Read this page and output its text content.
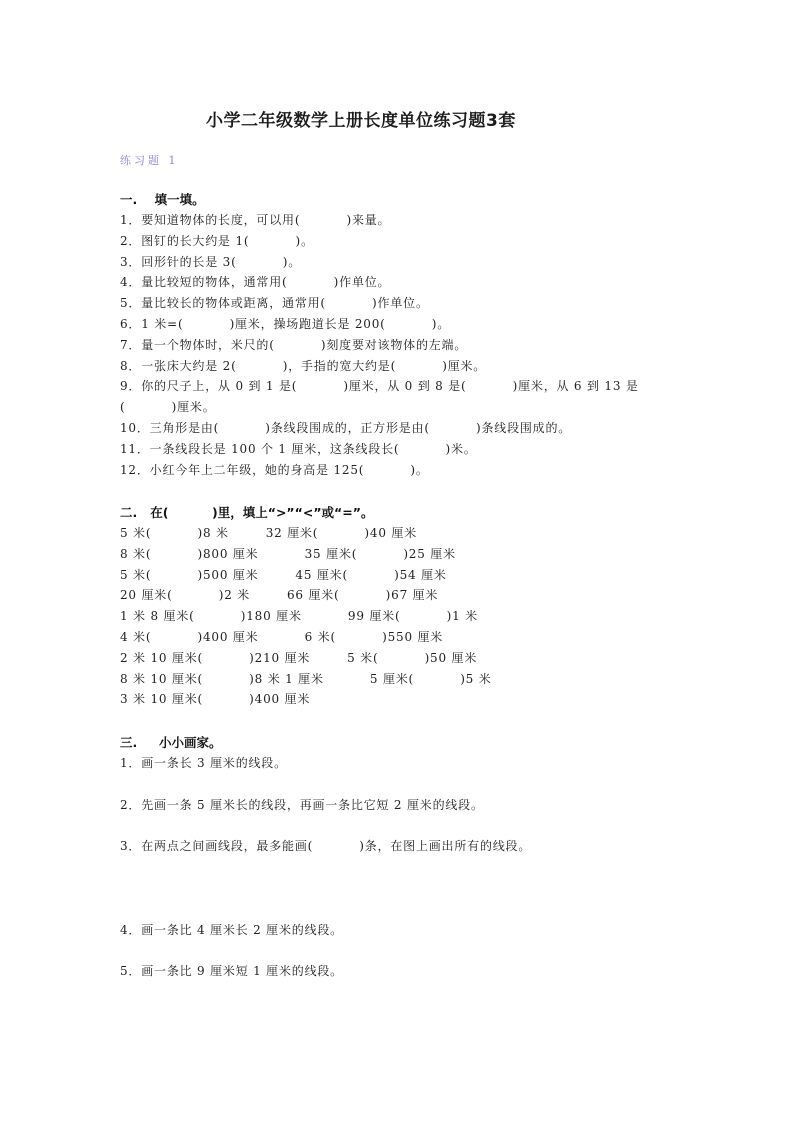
小学二年级数学上册长度单位练习题3套
练习题 1
一.    填一填。
1．要知道物体的长度，可以用(          )来量。
2．图钉的长大约是 1(          )。
3．回形针的长是 3(          )。
4．量比较短的物体，通常用(          )作单位。
5．量比较长的物体或距离，通常用(          )作单位。
6．1 米=(          )厘米，操场跑道长是 200(          )。
7．量一个物体时，米尺的(          )刻度要对该物体的左端。
8．一张床大约是 2(          )，手指的宽大约是(          )厘米。
9．你的尺子上，从 0 到 1 是(          )厘米，从 0 到 8 是(          )厘米，从 6 到 13 是
(          )厘米。
10．三角形是由(          )条线段围成的，正方形是由(          )条线段围成的。
11．一条线段长是 100 个 1 厘米，这条线段长(          )米。
12．小红今年上二年级，她的身高是 125(          )。
二.   在(          )里，填上“>”“<”或“=”。
5 米(          )8 米        32 厘米(          )40 厘米
8 米(          )800 厘米          35 厘米(          )25 厘米
5 米(          )500 厘米        45 厘米(          )54 厘米
20 厘米(          )2 米        66 厘米(          )67 厘米
1 米 8 厘米(          )180 厘米          99 厘米(          )1 米
4 米(          )400 厘米          6 米(          )550 厘米
2 米 10 厘米(          )210 厘米        5 米(          )50 厘米
8 米 10 厘米(          )8 米 1 厘米          5 厘米(          )5 米
3 米 10 厘米(          )400 厘米
三.     小小画家。
1．画一条长 3 厘米的线段。
2．先画一条 5 厘米长的线段，再画一条比它短 2 厘米的线段。
3．在两点之间画线段，最多能画(          )条，在图上画出所有的线段。
4．画一条比 4 厘米长 2 厘米的线段。
5．画一条比 9 厘米短 1 厘米的线段。
